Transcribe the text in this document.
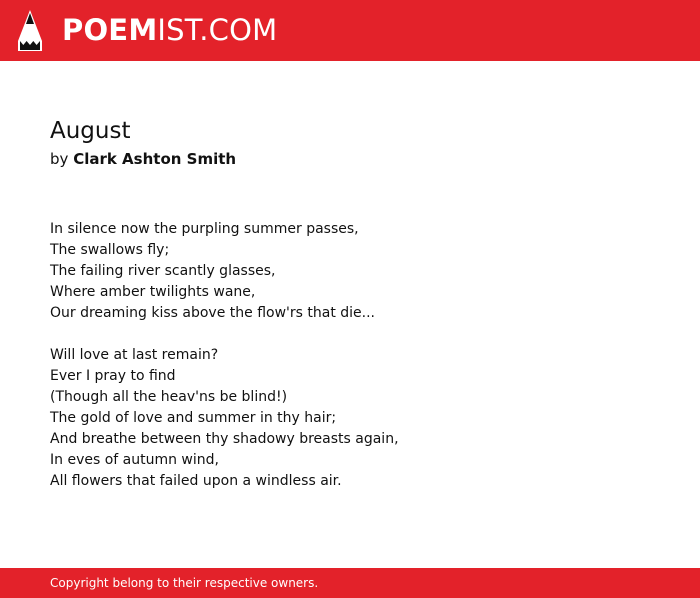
POEMIST.COM
August
by Clark Ashton Smith
In silence now the purpling summer passes,
The swallows fly;
The failing river scantly glasses,
Where amber twilights wane,
Our dreaming kiss above the flow'rs that die...
Will love at last remain?
Ever I pray to find
(Though all the heav'ns be blind!)
The gold of love and summer in thy hair;
And breathe between thy shadowy breasts again,
In eves of autumn wind,
All flowers that failed upon a windless air.
Copyright belong to their respective owners.
